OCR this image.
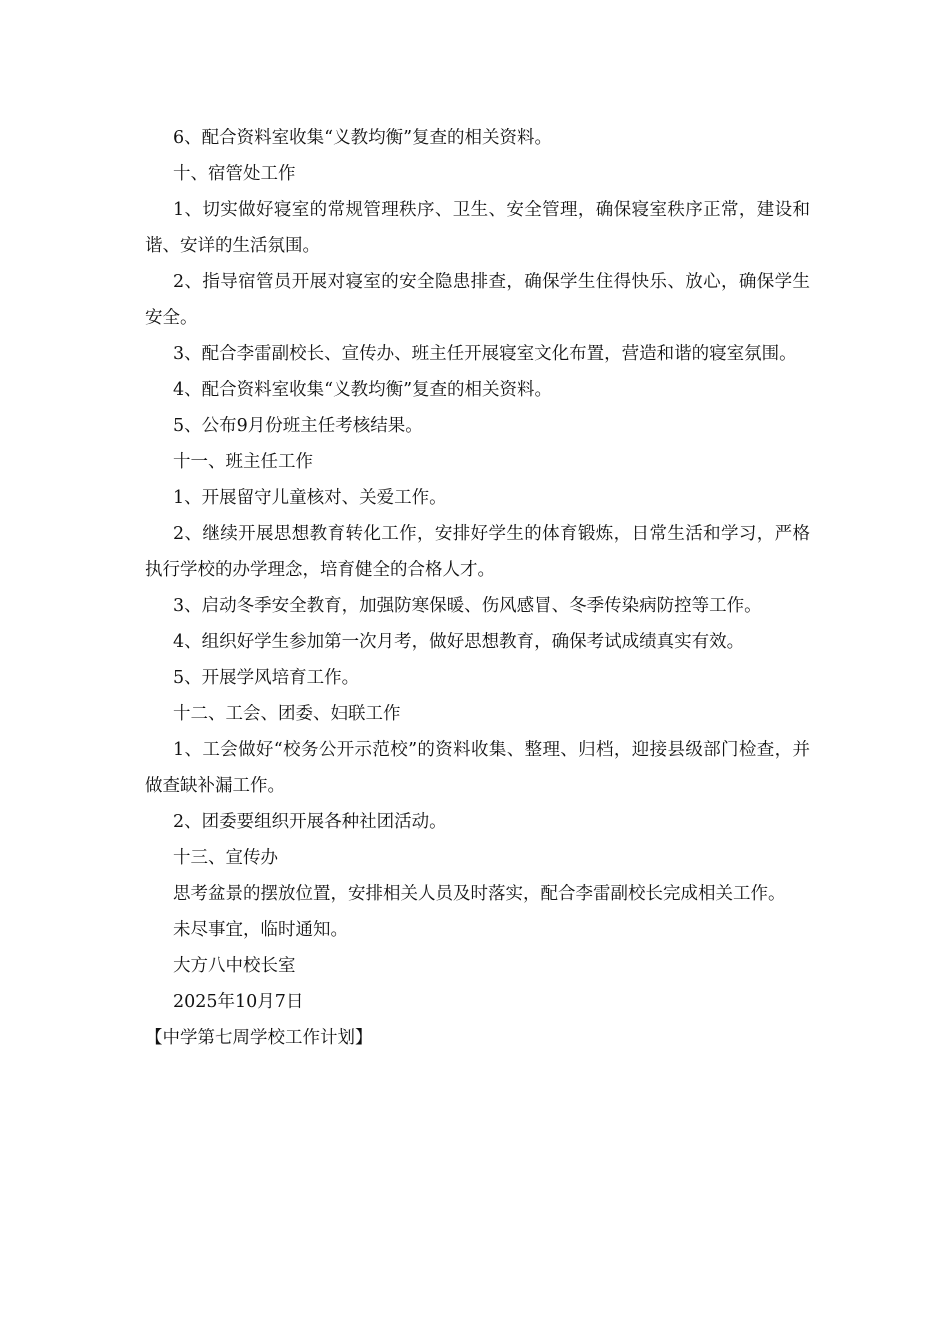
6、配合资料室收集“义教均衡”复查的相关资料。

十、宿管处工作

1、切实做好寝室的常规管理秩序、卫生、安全管理，确保寝室秩序正常，建设和谐、安详的生活氛围。

2、指导宿管员开展对寝室的安全隐患排查，确保学生住得快乐、放心，确保学生安全。

3、配合李雷副校长、宣传办、班主任开展寝室文化布置，营造和谐的寝室氛围。

4、配合资料室收集“义教均衡”复查的相关资料。

5、公布9月份班主任考核结果。

十一、班主任工作

1、开展留守儿童核对、关爱工作。

2、继续开展思想教育转化工作，安排好学生的体育锻炼，日常生活和学习，严格执行学校的办学理念，培育健全的合格人才。

3、启动冬季安全教育，加强防寒保暖、伤风感冒、冬季传染病防控等工作。

4、组织好学生参加第一次月考，做好思想教育，确保考试成绩真实有效。

5、开展学风培育工作。

十二、工会、团委、妇联工作

1、工会做好“校务公开示范校”的资料收集、整理、归档，迎接县级部门检查，并做查缺补漏工作。

2、团委要组织开展各种社团活动。

十三、宣传办

思考盆景的摆放位置，安排相关人员及时落实，配合李雷副校长完成相关工作。

未尽事宜，临时通知。

大方八中校长室

2025年10月7日

【中学第七周学校工作计划】
